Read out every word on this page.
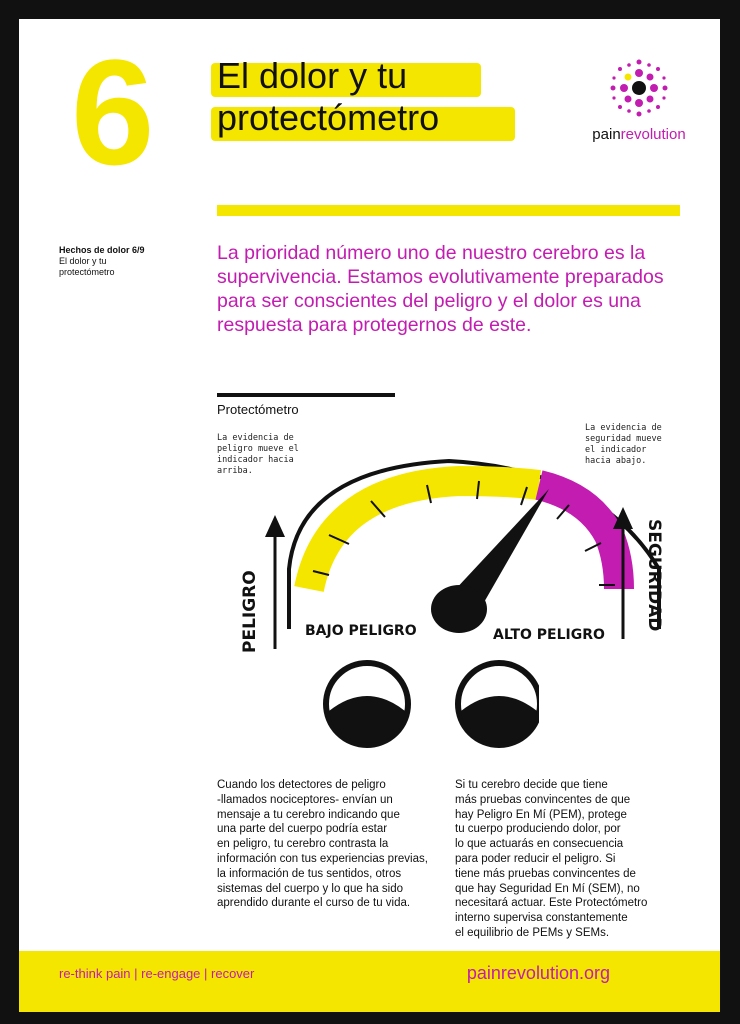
6 El dolor y tu
protectómetro	painrevolution
Hechos de dolor 6/9
El dolor y tu
protectómetro
La prioridad número uno de nuestro cerebro es la supervivencia. Estamos evolutivamente preparados para ser conscientes del peligro y el dolor es una respuesta para protegernos de este.
Protectómetro
La evidencia de
peligro mueve el
indicador hacia
arriba.
La evidencia de
seguridad mueve
el indicador
hacia abajo.
BAJO PELIGRO	ALTO PELIGRO
PELIGRO	SEGURIDAD
Cuando los detectores de peligro
-llamados nociceptores- envían un
mensaje a tu cerebro indicando que
una parte del cuerpo podría estar
en peligro, tu cerebro contrasta la
información con tus experiencias previas,
la información de tus sentidos, otros
sistemas del cuerpo y lo que ha sido
aprendido durante el curso de tu vida.
Si tu cerebro decide que tiene
más pruebas convincentes de que
hay Peligro En Mí (PEM), protege
tu cuerpo produciendo dolor, por
lo que actuarás en consecuencia
para poder reducir el peligro. Si
tiene más pruebas convincentes de
que hay Seguridad En Mí (SEM), no
necesitará actuar. Este Protectómetro
interno supervisa constantemente
el equilibrio de PEMs y SEMs.
re-think pain | re-engage | recover	painrevolution.org
